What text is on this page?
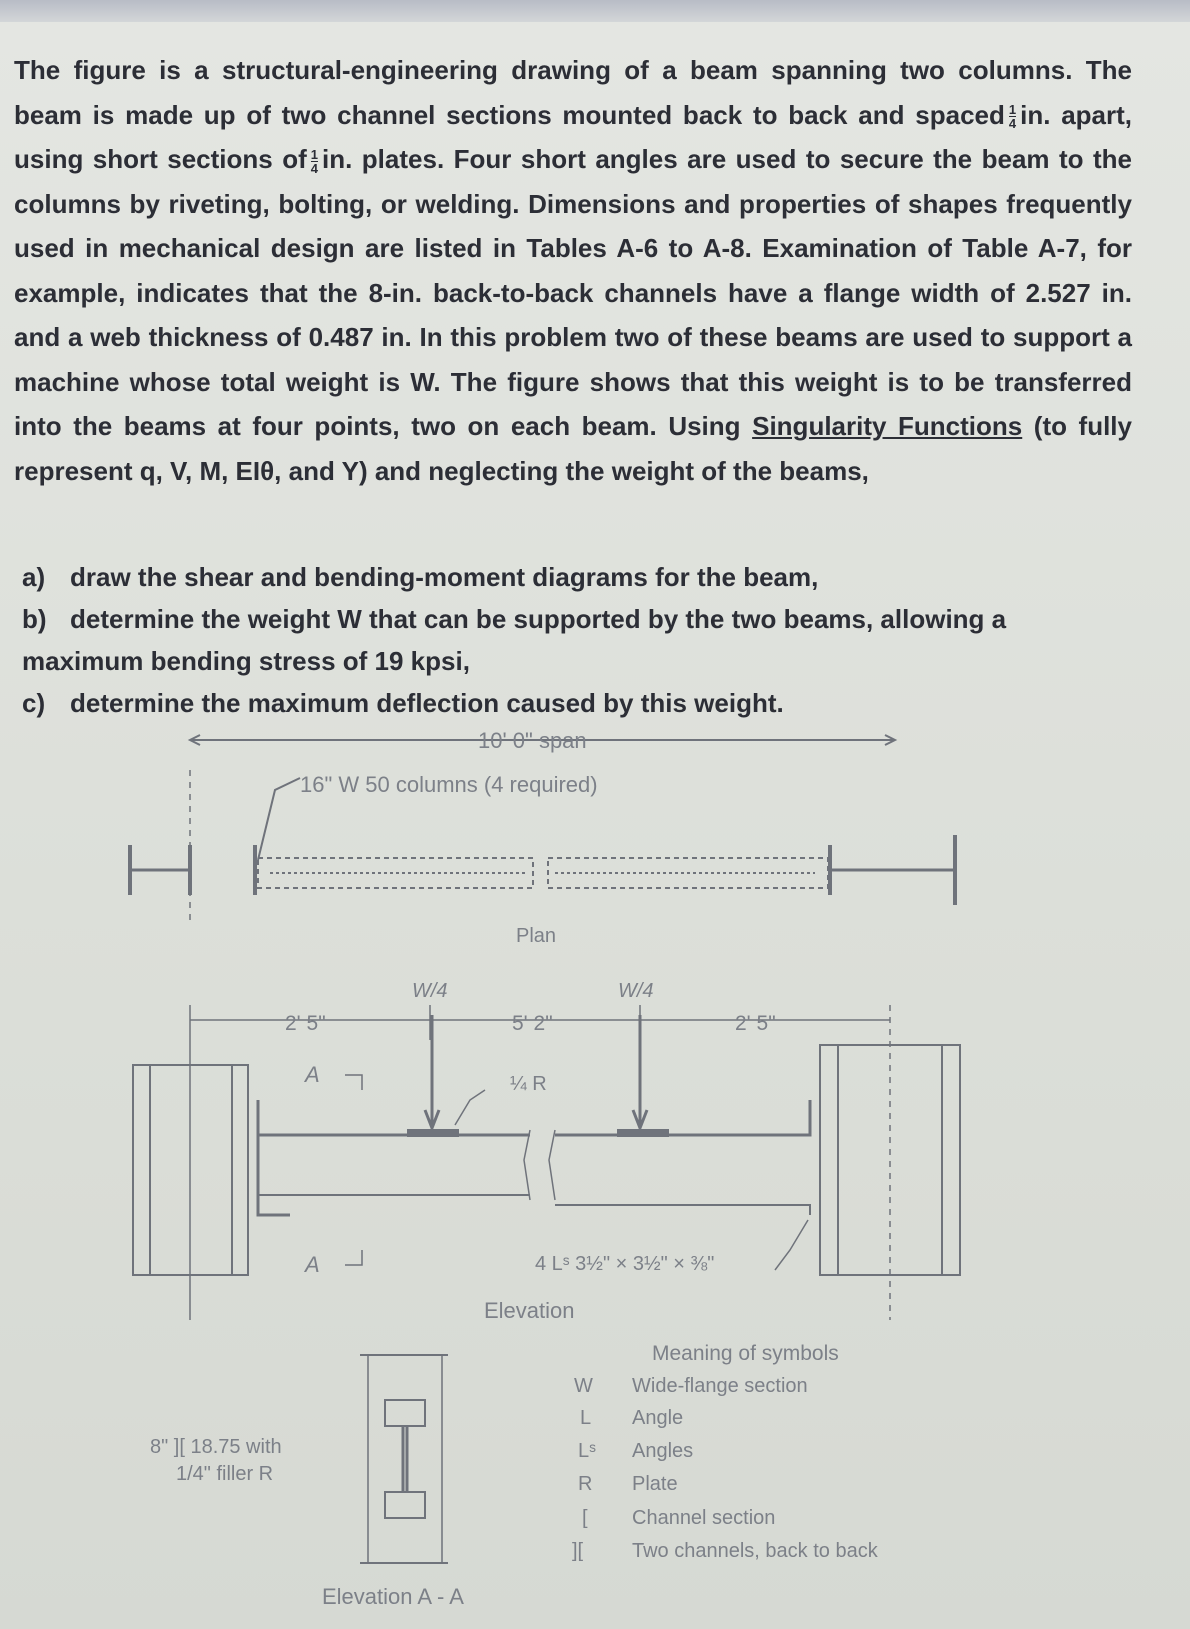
The figure is a structural-engineering drawing of a beam spanning two columns. The beam is made up of two channel sections mounted back to back and spaced $\frac{1}{4}$ in. apart, using short sections of $\frac{1}{4}$ in. plates. Four short angles are used to secure the beam to the columns by riveting, bolting, or welding. Dimensions and properties of shapes frequently used in mechanical design are listed in Tables A-6 to A-8. Examination of Table A-7, for example, indicates that the 8-in. back-to-back channels have a flange width of 2.527 in. and a web thickness of 0.487 in. In this problem two of these beams are used to support a machine whose total weight is W. The figure shows that this weight is to be transferred into the beams at four points, two on each beam. Using Singularity Functions (to fully represent q, V, M, EIθ, and Y) and neglecting the weight of the beams,

a) draw the shear and bending-moment diagrams for the beam,
b) determine the weight W that can be supported by the two beams, allowing a
maximum bending stress of 19 kpsi,
c) determine the maximum deflection caused by this weight.
10' 0" span
16" W 50 columns (4 required)
Plan
W/4	W/4
2' 5"	5' 2"	2' 5"
A
A
¼ R
4 Lˢ 3½" × 3½" × ⅜"
Elevation
8" ][ 18.75 with
1/4" filler R
Elevation A - A
Meaning of symbols
W Wide-flange section
L Angle
Lˢ Angles
R Plate
[ Channel section
][ Two channels, back to back
